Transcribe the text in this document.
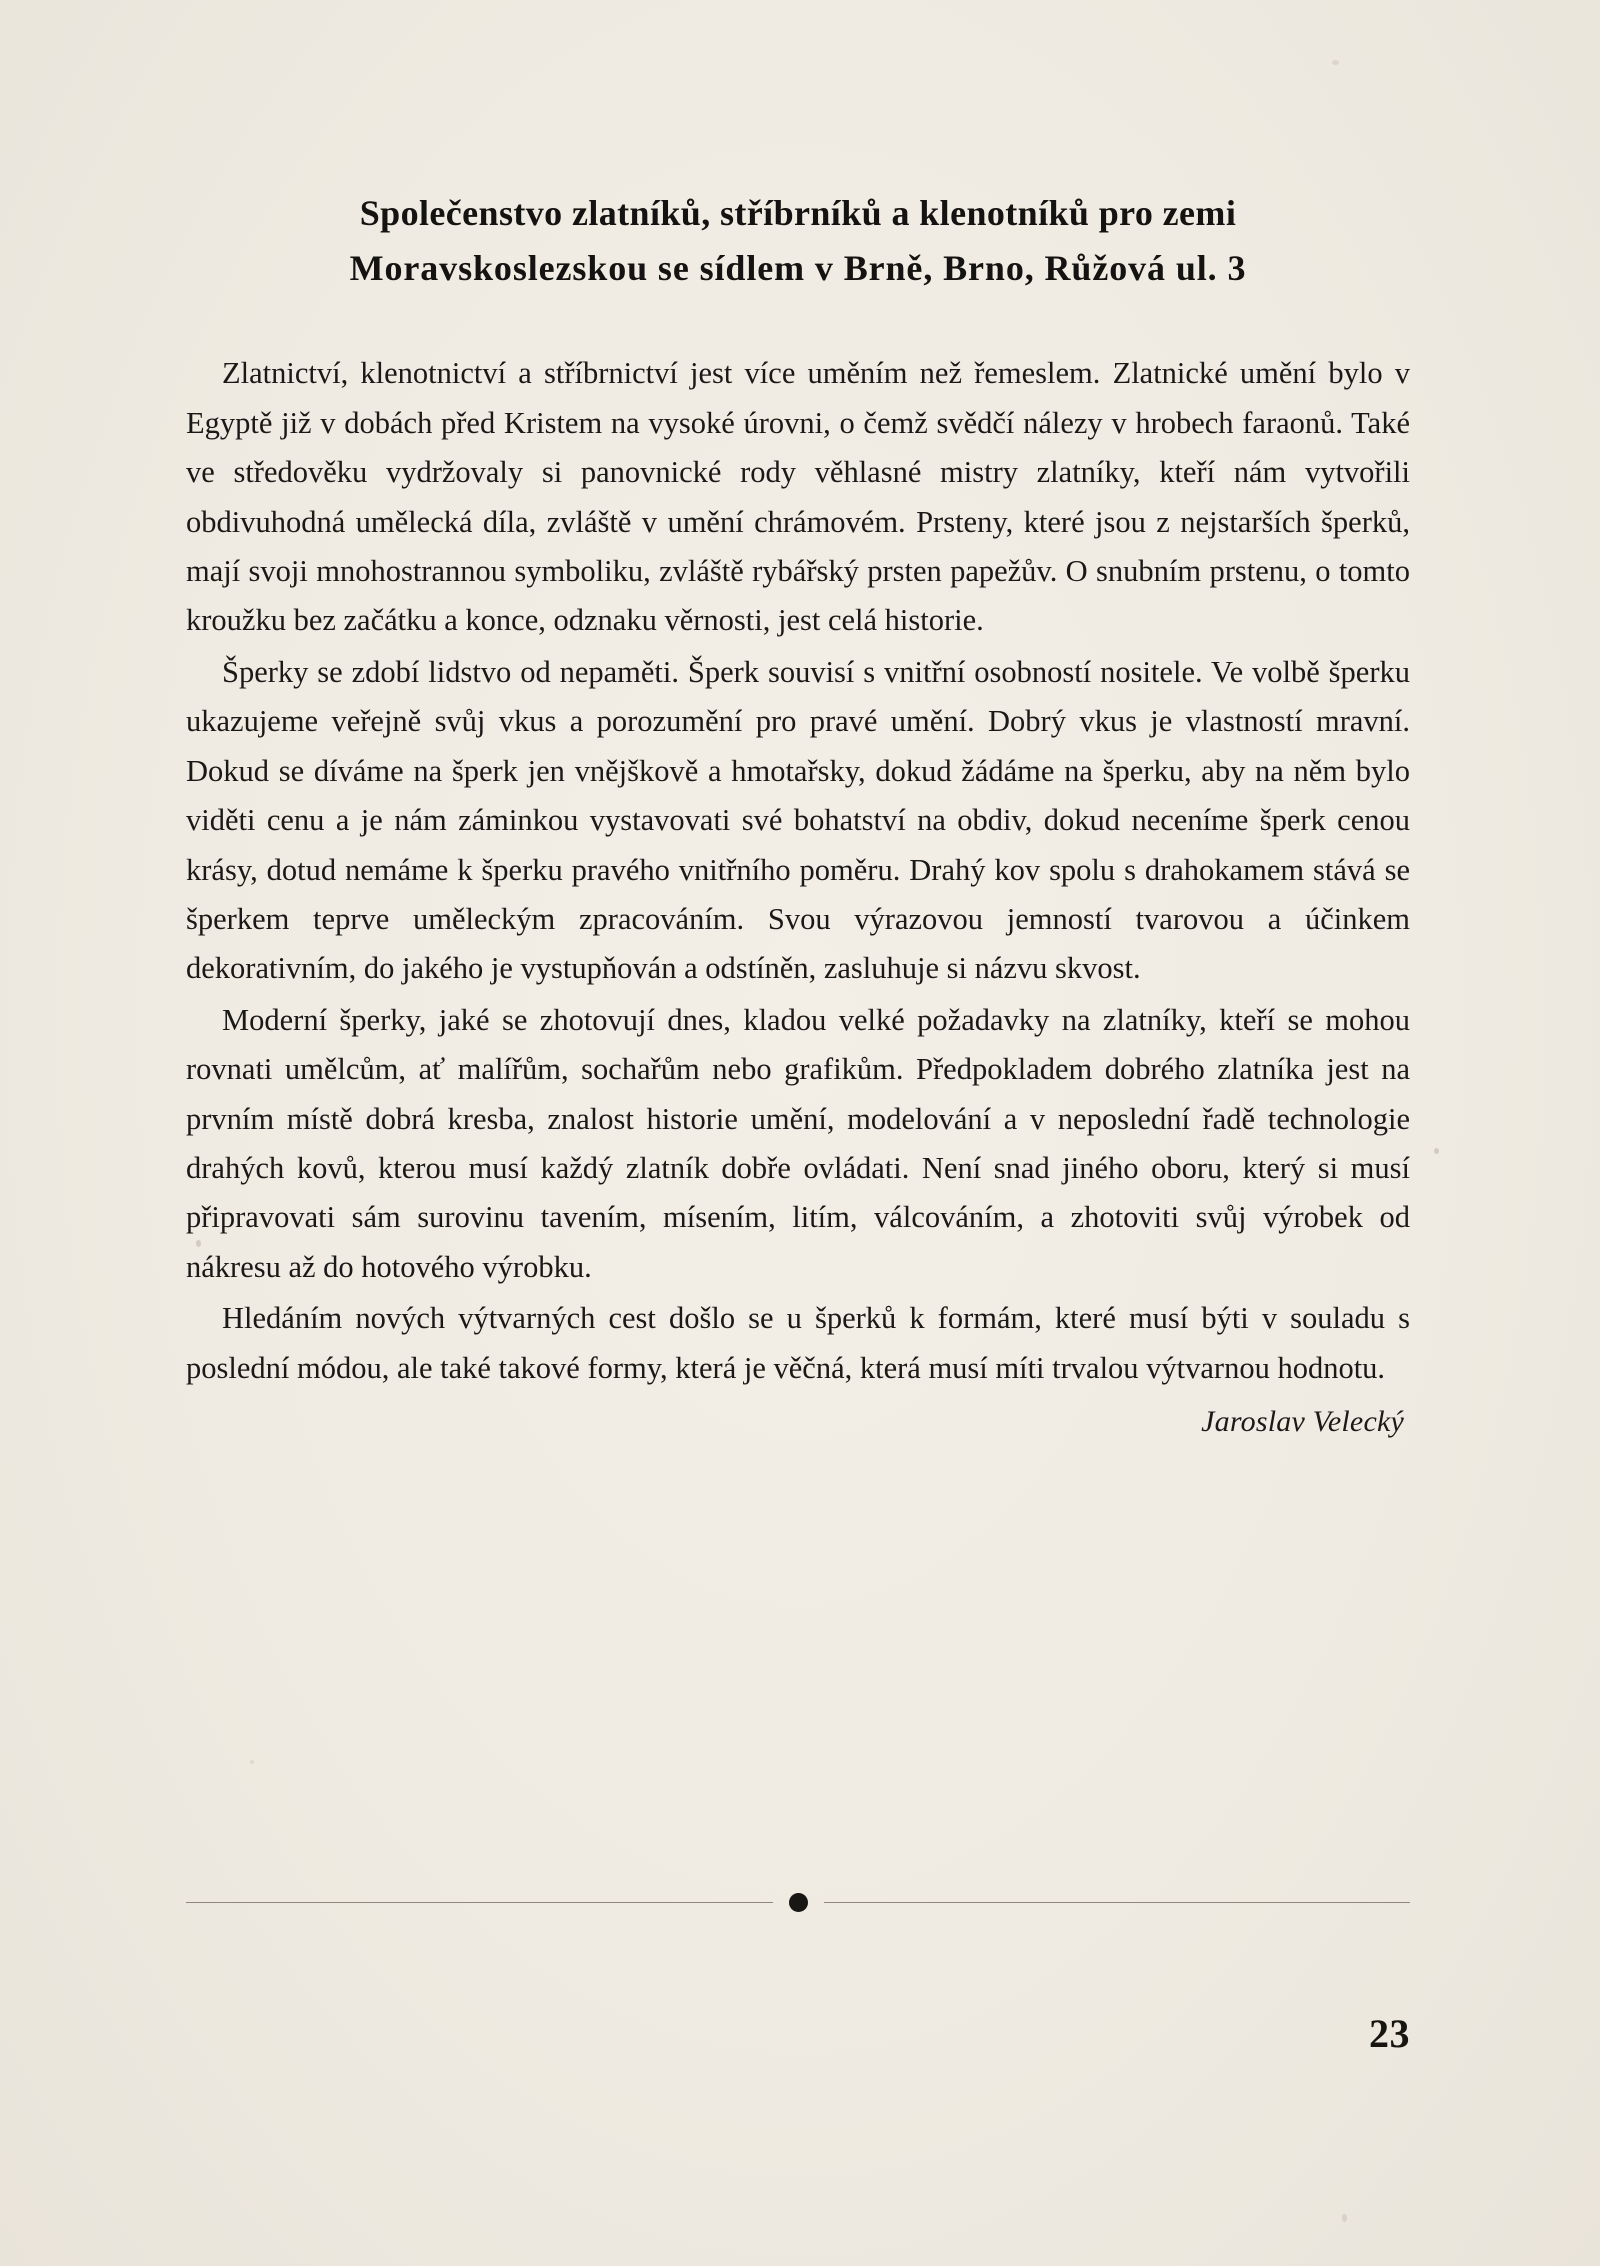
Společenstvo zlatníků, stříbrníků a klenotníků pro zemi
Moravskoslezskou se sídlem v Brně, Brno, Růžová ul. 3

Zlatnictví, klenotnictví a stříbrnictví jest více uměním než řemeslem. Zlatnické umění bylo v Egyptě již v dobách před Kristem na vysoké úrovni, o čemž svědčí nálezy v hrobech faraonů. Také ve středověku vydržovaly si panovnické rody věhlasné mistry zlatníky, kteří nám vytvořili obdivuhodná umělecká díla, zvláště v umění chrámovém. Prsteny, které jsou z nejstarších šperků, mají svoji mnohostrannou symboliku, zvláště rybářský prsten papežův. O snubním prstenu, o tomto kroužku bez začátku a konce, odznaku věrnosti, jest celá historie.

Šperky se zdobí lidstvo od nepaměti. Šperk souvisí s vnitřní osobností nositele. Ve volbě šperku ukazujeme veřejně svůj vkus a porozumění pro pravé umění. Dobrý vkus je vlastností mravní. Dokud se díváme na šperk jen vnějškově a hmotařsky, dokud žádáme na šperku, aby na něm bylo viděti cenu a je nám záminkou vystavovati své bohatství na obdiv, dokud neceníme šperk cenou krásy, dotud nemáme k šperku pravého vnitřního poměru. Drahý kov spolu s drahokamem stává se šperkem teprve uměleckým zpracováním. Svou výrazovou jemností tvarovou a účinkem dekorativním, do jakého je vystupňován a odstíněn, zasluhuje si názvu skvost.

Moderní šperky, jaké se zhotovují dnes, kladou velké požadavky na zlatníky, kteří se mohou rovnati umělcům, ať malířům, sochařům nebo grafikům. Předpokladem dobrého zlatníka jest na prvním místě dobrá kresba, znalost historie umění, modelování a v neposlední řadě technologie drahých kovů, kterou musí každý zlatník dobře ovládati. Není snad jiného oboru, který si musí připravovati sám surovinu tavením, mísením, litím, válcováním, a zhotoviti svůj výrobek od nákresu až do hotového výrobku.

Hledáním nových výtvarných cest došlo se u šperků k formám, které musí býti v souladu s poslední módou, ale také takové formy, která je věčná, která musí míti trvalou výtvarnou hodnotu.

Jaroslav Velecký
23
